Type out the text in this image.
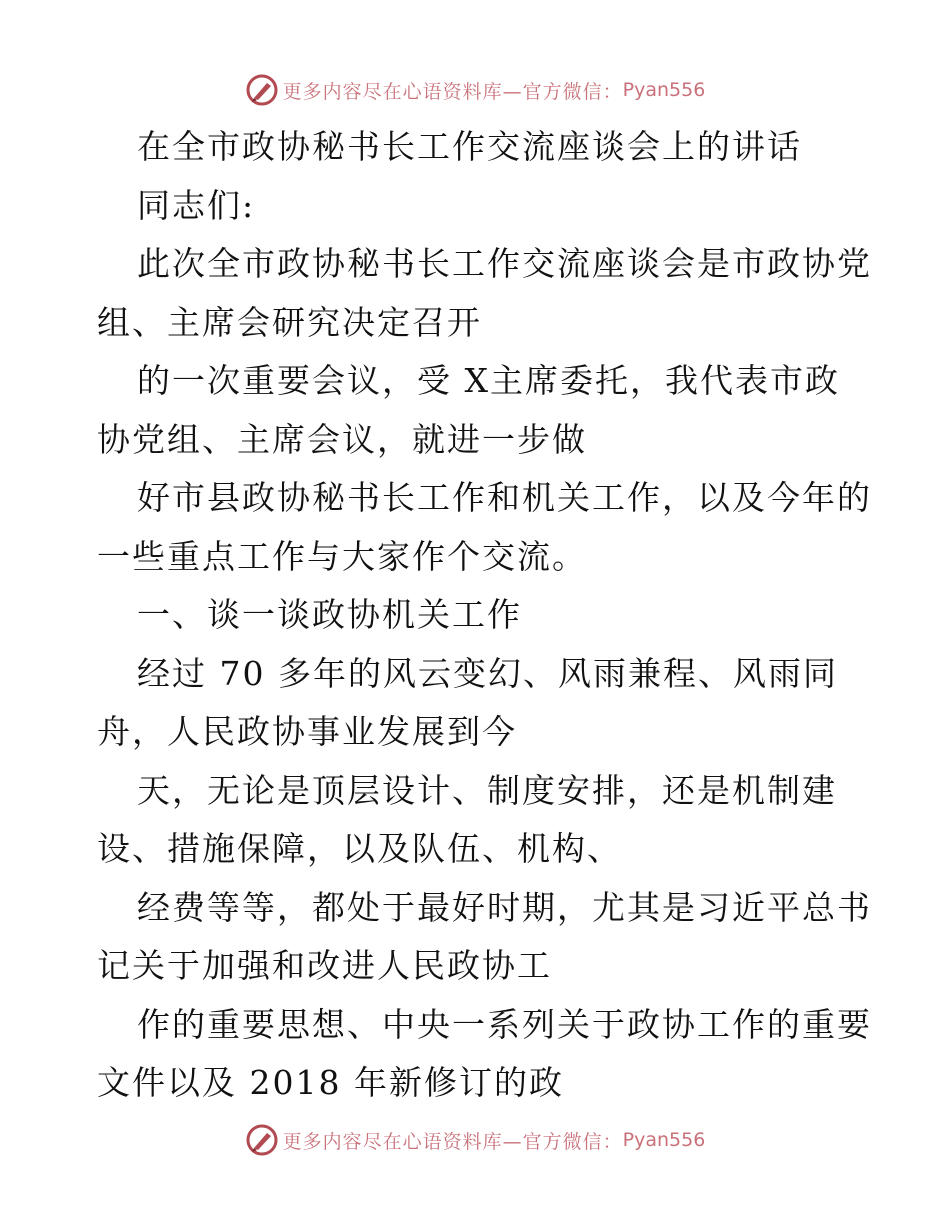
更多内容尽在心语资料库—官方微信： Pyan556
在全市政协秘书长工作交流座谈会上的讲话
同志们:
此次全市政协秘书长工作交流座谈会是市政协党
组、主席会研究决定召开
的一次重要会议，受 X主席委托，我代表市政
协党组、主席会议，就进一步做
好市县政协秘书长工作和机关工作，以及今年的
一些重点工作与大家作个交流。
一、谈一谈政协机关工作
经过 70 多年的风云变幻、风雨兼程、风雨同
舟，人民政协事业发展到今
天，无论是顶层设计、制度安排，还是机制建
设、措施保障，以及队伍、机构、
经费等等，都处于最好时期，尤其是习近平总书
记关于加强和改进人民政协工
作的重要思想、中央一系列关于政协工作的重要
文件以及 2018 年新修订的政
更多内容尽在心语资料库—官方微信： Pyan556
